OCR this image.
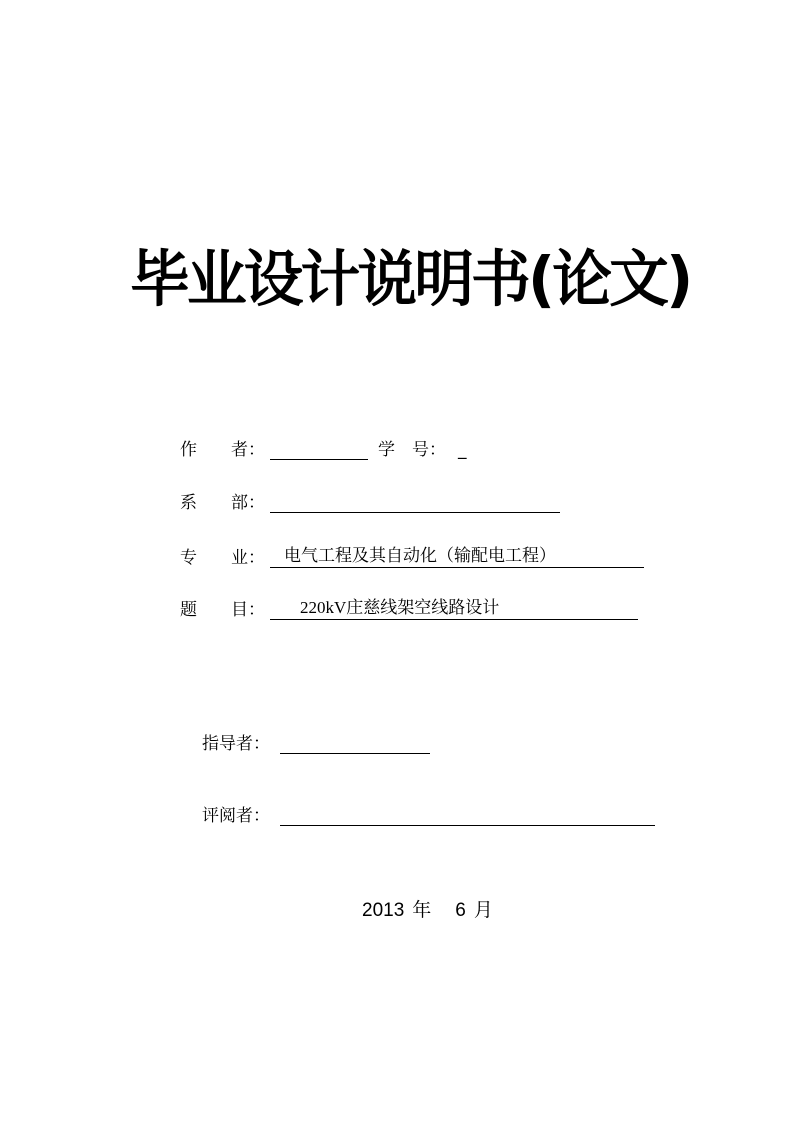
毕业设计说明书(论文)
作　　者：	学　号： _
系　　部：
专　　业： 电气工程及其自动化（输配电工程）
题　　目： 220kV庄慈线架空线路设计
指导者：
评阅者：
2013 年 6 月
